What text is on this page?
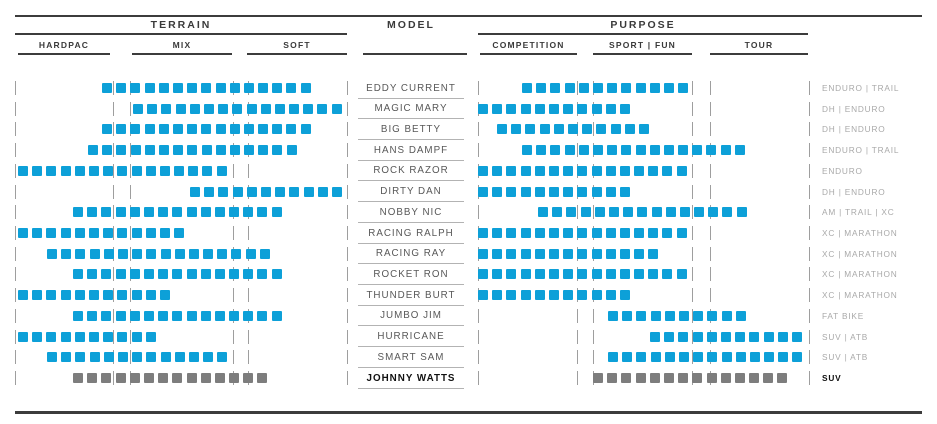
TERRAIN	MODEL	PURPOSE
HARDPAC	MIX	SOFT	COMPETITION	SPORT | FUN	TOUR
EDDY CURRENT	ENDURO | TRAIL
MAGIC MARY	DH | ENDURO
BIG BETTY	DH | ENDURO
HANS DAMPF	ENDURO | TRAIL
ROCK RAZOR	ENDURO
DIRTY DAN	DH | ENDURO
NOBBY NIC	AM | TRAIL | XC
RACING RALPH	XC | MARATHON
RACING RAY	XC | MARATHON
ROCKET RON	XC | MARATHON
THUNDER BURT	XC | MARATHON
JUMBO JIM	FAT BIKE
HURRICANE	SUV | ATB
SMART SAM	SUV | ATB
JOHNNY WATTS	SUV
